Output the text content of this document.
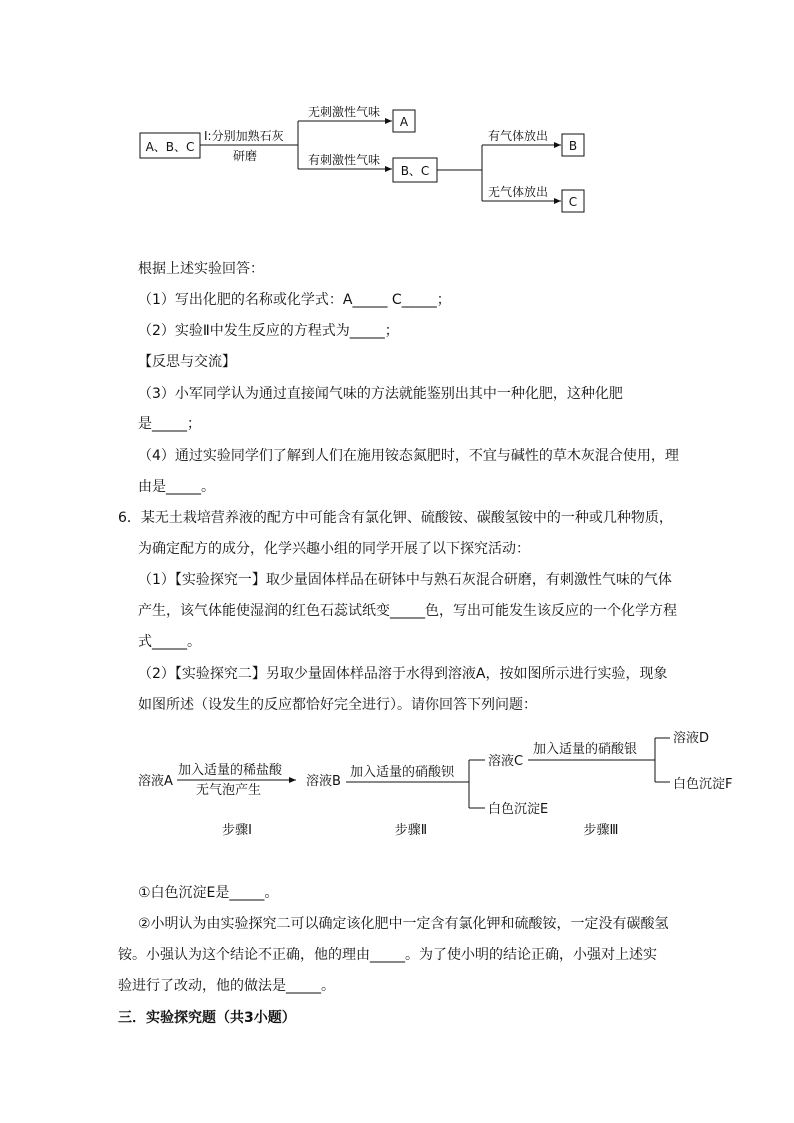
A、B、C
Ⅰ:分别加熟石灰
研磨
无刺激性气味
A
有刺激性气味
B、C
有气体放出
B
无气体放出
C
根据上述实验回答：
（1）写出化肥的名称或化学式：A_____ C_____；
（2）实验Ⅱ中发生反应的方程式为_____；
【反思与交流】
（3）小军同学认为通过直接闻气味的方法就能鉴别出其中一种化肥，这种化肥
是_____；
（4）通过实验同学们了解到人们在施用铵态氮肥时，不宜与碱性的草木灰混合使用，理
由是_____。
6．某无土栽培营养液的配方中可能含有氯化钾、硫酸铵、碳酸氢铵中的一种或几种物质，
为确定配方的成分，化学兴趣小组的同学开展了以下探究活动：
（1）【实验探究一】取少量固体样品在研钵中与熟石灰混合研磨，有刺激性气味的气体
产生，该气体能使湿润的红色石蕊试纸变_____色，写出可能发生该反应的一个化学方程
式_____。
（2）【实验探究二】另取少量固体样品溶于水得到溶液A，按如图所示进行实验，现象
如图所述（设发生的反应都恰好完全进行）。请你回答下列问题：
溶液A
加入适量的稀盐酸
无气泡产生
溶液B
加入适量的硝酸钡
溶液C
白色沉淀E
加入适量的硝酸银
溶液D
白色沉淀F
步骤Ⅰ	步骤Ⅱ	步骤Ⅲ
①白色沉淀E是_____。
②小明认为由实验探究二可以确定该化肥中一定含有氯化钾和硫酸铵，一定没有碳酸氢
铵。小强认为这个结论不正确，他的理由_____。为了使小明的结论正确，小强对上述实
验进行了改动，他的做法是_____。
三．实验探究题（共3小题）
